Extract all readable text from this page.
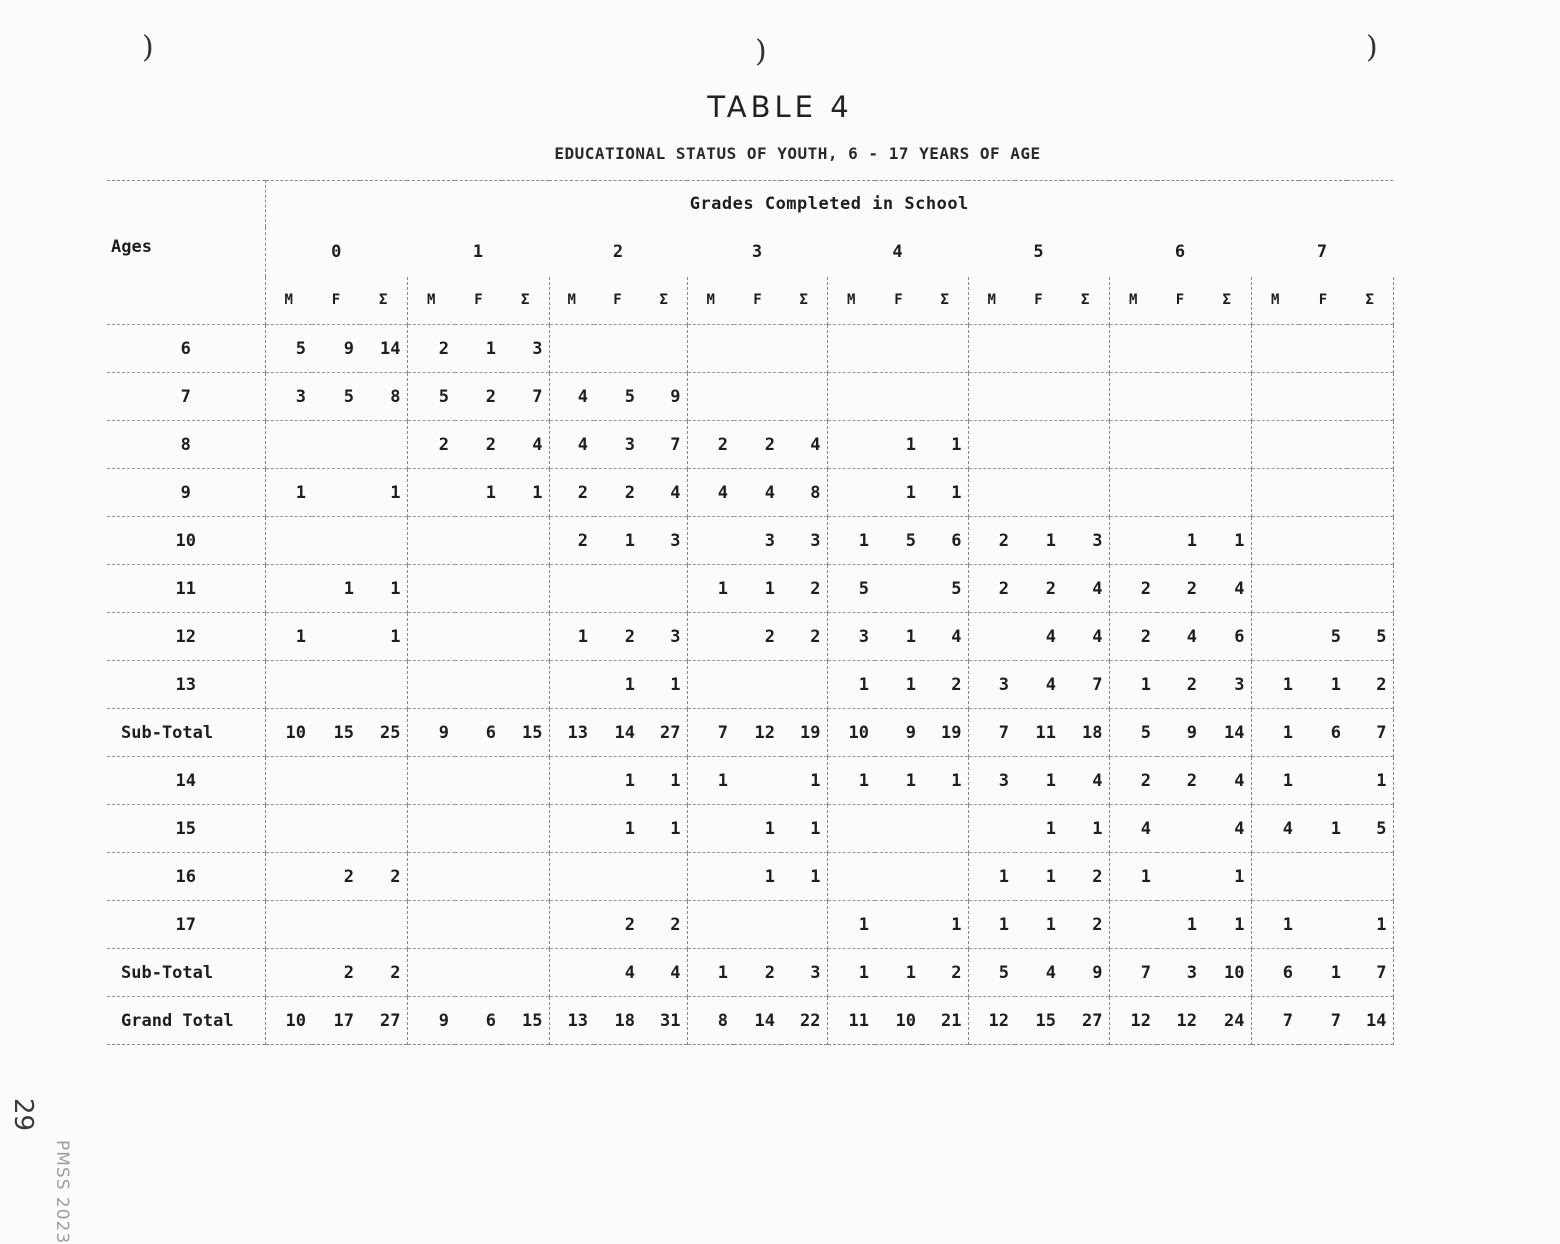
)	)	)
TABLE 4
EDUCATIONAL STATUS OF YOUTH, 6 - 17 YEARS OF AGE
Ages	Grades Completed in School																							
	0			1			2			3			4			5			6			7		
	M	F	Σ	M	F	Σ	M	F	Σ	M	F	Σ	M	F	Σ	M	F	Σ	M	F	Σ	M	F	Σ
6	5	9	14	2	1	3																		
7	3	5	8	5	2	7	4	5	9															
8				2	2	4	4	3	7	2	2	4		1	1									
9	1		1		1	1	2	2	4	4	4	8		1	1									
10							2	1	3		3	3	1	5	6	2	1	3		1	1			
11		1	1							1	1	2	5		5	2	2	4	2	2	4			
12	1		1				1	2	3		2	2	3	1	4		4	4	2	4	6		5	5
13								1	1				1	1	2	3	4	7	1	2	3	1	1	2
Sub-Total	10	15	25	9	6	15	13	14	27	7	12	19	10	9	19	7	11	18	5	9	14	1	6	7
14								1	1	1		1	1	1	1	3	1	4	2	2	4	1		1
15								1	1		1	1					1	1	4		4	4	1	5
16		2	2								1	1				1	1	2	1		1			
17								2	2				1		1	1	1	2		1	1	1		1
Sub-Total		2	2					4	4	1	2	3	1	1	2	5	4	9	7	3	10	6	1	7
Grand Total	10	17	27	9	6	15	13	18	31	8	14	22	11	10	21	12	15	27	12	12	24	7	7	14
29
PMSS 2023
